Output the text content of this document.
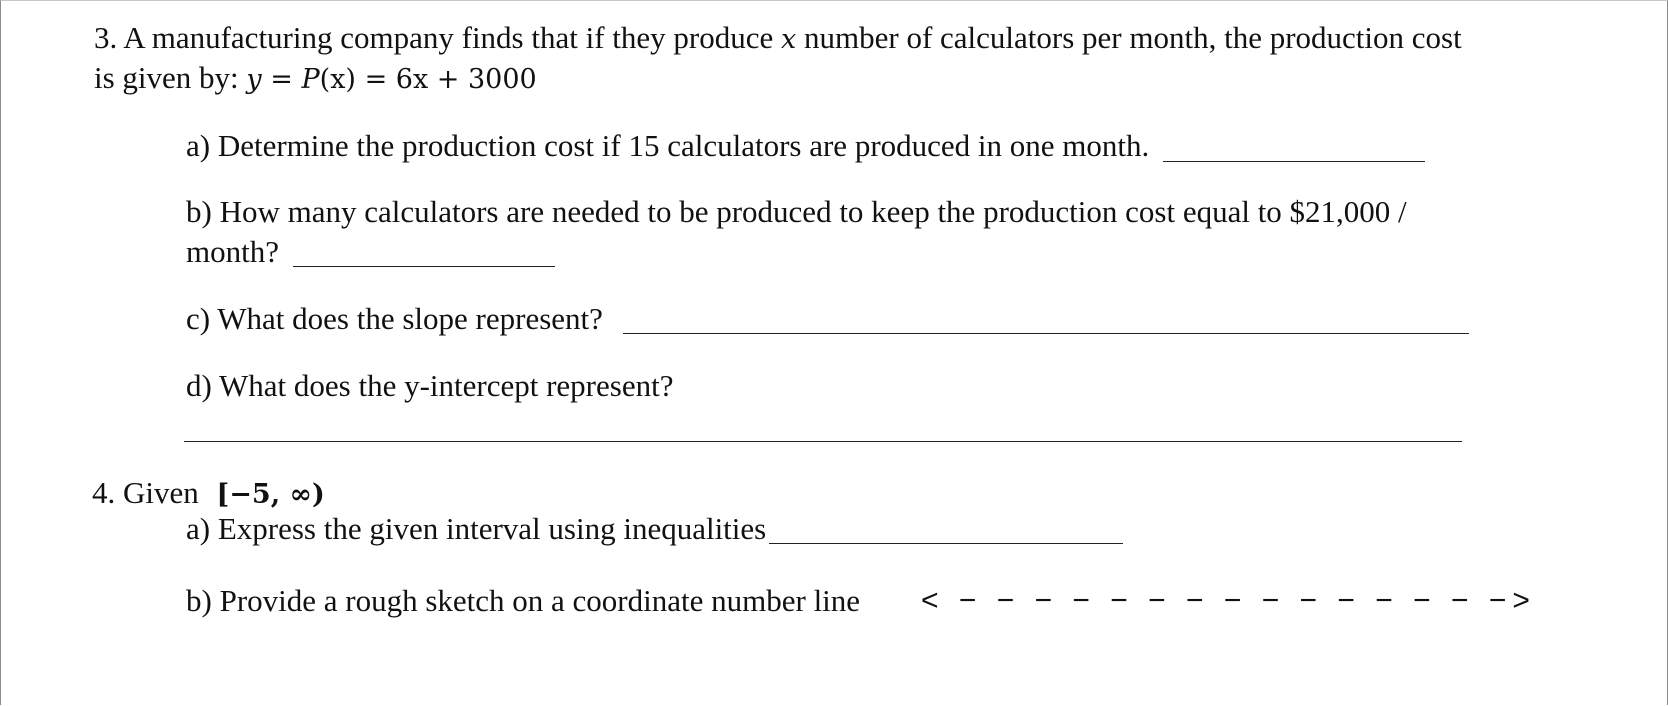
3. A manufacturing company finds that if they produce x number of calculators per month, the production cost
is given by: y = P(x) = 6x + 3000
a) Determine the production cost if 15 calculators are produced in one month.
b) How many calculators are needed to be produced to keep the production cost equal to $21,000 /
month?
c) What does the slope represent?
d) What does the y-intercept represent?
4. Given [−5, ∞)
a) Express the given interval using inequalities
b) Provide a rough sketch on a coordinate number line < − − − − − − − − − − − − − − −>
